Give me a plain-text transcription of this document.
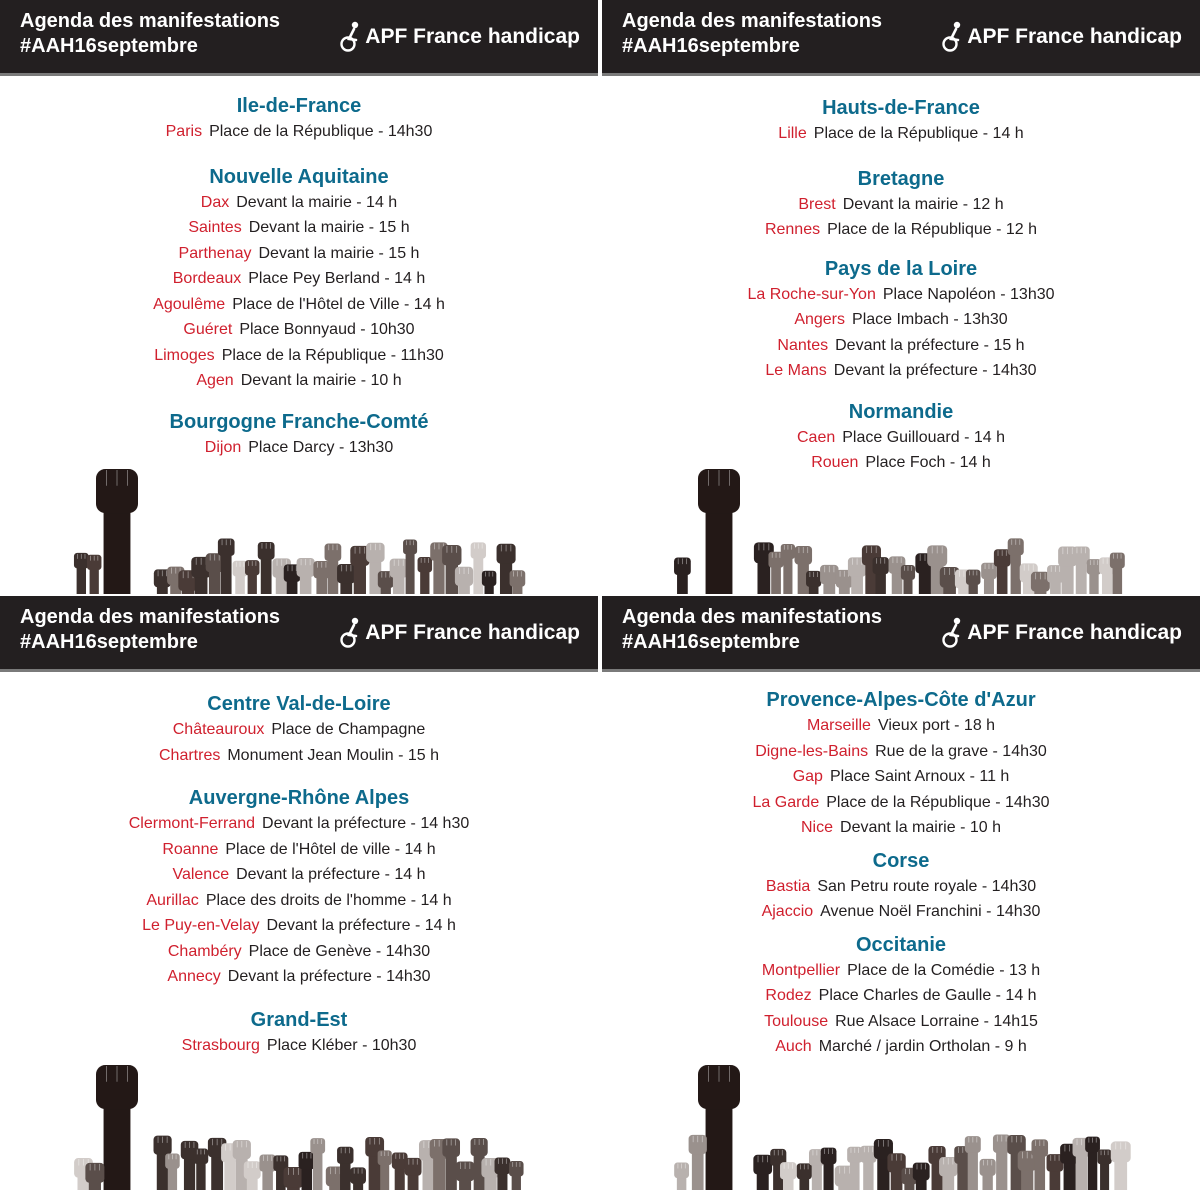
Agenda des manifestations
#AAH16septembre	APF France handicap
Ile-de-France
Paris Place de la République - 14h30
Nouvelle Aquitaine
Dax Devant la mairie - 14 h
Saintes Devant la mairie - 15 h
Parthenay Devant la mairie - 15 h
Bordeaux Place Pey Berland - 14 h
Agoulême Place de l'Hôtel de Ville - 14 h
Guéret Place Bonnyaud - 10h30
Limoges Place de la République - 11h30
Agen Devant la mairie - 10 h
Bourgogne Franche-Comté
Dijon Place Darcy - 13h30
Agenda des manifestations
#AAH16septembre	APF France handicap
Hauts-de-France
Lille Place de la République - 14 h
Bretagne
Brest Devant la mairie - 12 h
Rennes Place de la République - 12 h
Pays de la Loire
La Roche-sur-Yon Place Napoléon - 13h30
Angers Place Imbach - 13h30
Nantes Devant la préfecture - 15 h
Le Mans Devant la préfecture - 14h30
Normandie
Caen Place Guillouard - 14 h
Rouen Place Foch - 14 h
Agenda des manifestations
#AAH16septembre	APF France handicap
Centre Val-de-Loire
Châteauroux Place de Champagne
Chartres Monument Jean Moulin - 15 h
Auvergne-Rhône Alpes
Clermont-Ferrand Devant la préfecture - 14 h30
Roanne Place de l'Hôtel de ville - 14 h
Valence Devant la préfecture - 14 h
Aurillac Place des droits de l'homme - 14 h
Le Puy-en-Velay Devant la préfecture - 14 h
Chambéry Place de Genève - 14h30
Annecy Devant la préfecture - 14h30
Grand-Est
Strasbourg Place Kléber - 10h30
Agenda des manifestations
#AAH16septembre	APF France handicap
Provence-Alpes-Côte d'Azur
Marseille Vieux port - 18 h
Digne-les-Bains Rue de la grave - 14h30
Gap Place Saint Arnoux - 11 h
La Garde Place de la République - 14h30
Nice Devant la mairie - 10 h
Corse
Bastia San Petru route royale - 14h30
Ajaccio Avenue Noël Franchini - 14h30
Occitanie
Montpellier Place de la Comédie - 13 h
Rodez Place Charles de Gaulle - 14 h
Toulouse Rue Alsace Lorraine - 14h15
Auch Marché / jardin Ortholan - 9 h
